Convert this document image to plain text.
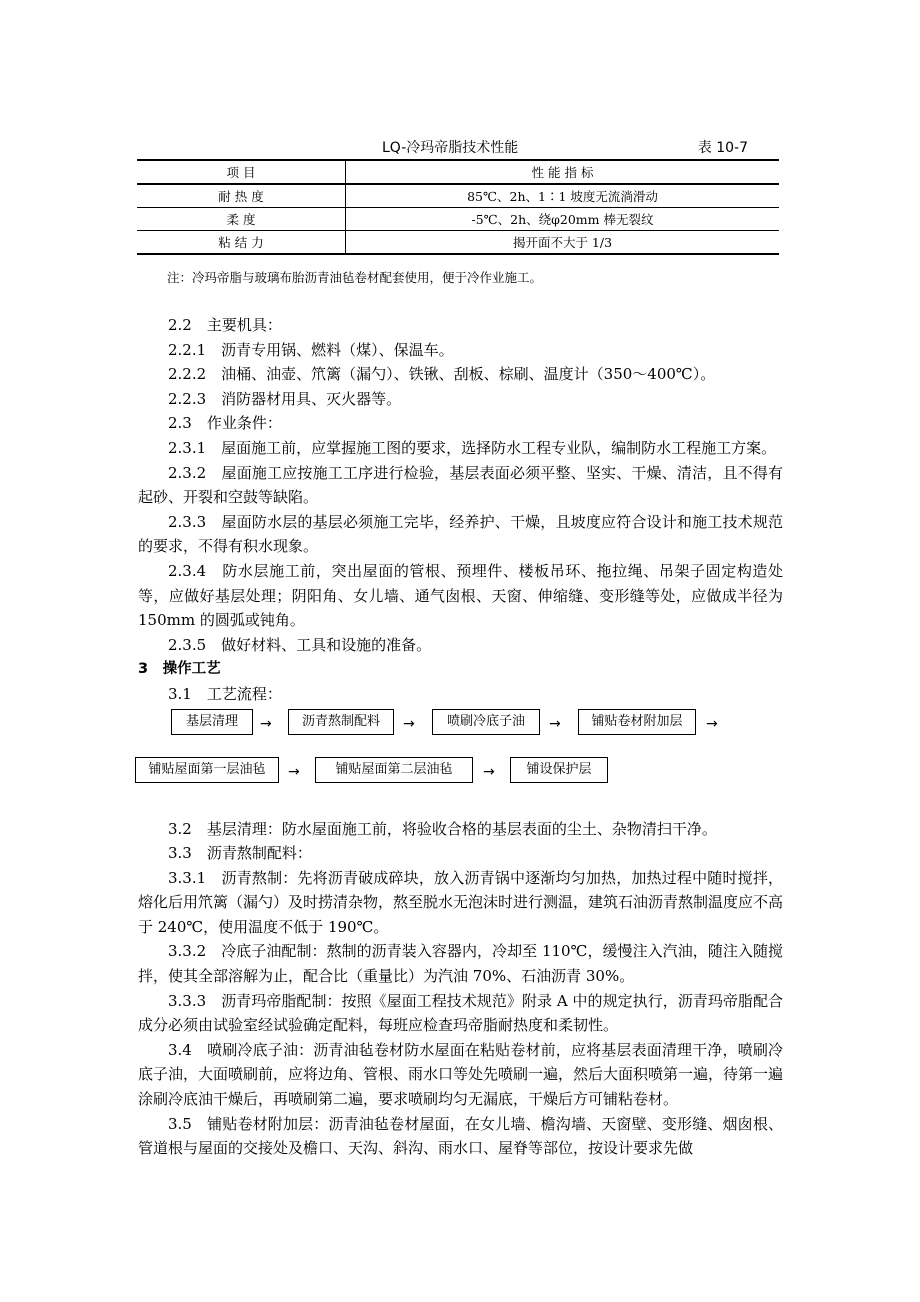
LQ-冷玛帝脂技术性能	表 10-7
项 目	性 能 指 标
耐 热 度	85℃、2h、1∶1 坡度无流淌滑动
柔 度	-5℃、2h、绕φ20mm 棒无裂纹
粘 结 力	揭开面不大于 1/3
注：冷玛帝脂与玻璃布胎沥青油毡卷材配套使用，便于冷作业施工。

2.2　主要机具：

2.2.1　沥青专用锅、燃料（煤）、保温车。

2.2.2　油桶、油壶、笊篱（漏勺）、铁锹、刮板、棕刷、温度计（350～400℃）。

2.2.3　消防器材用具、灭火器等。

2.3　作业条件：

2.3.1　屋面施工前，应掌握施工图的要求，选择防水工程专业队，编制防水工程施工方案。

2.3.2　屋面施工应按施工工序进行检验，基层表面必须平整、坚实、干燥、清洁，且不得有起砂、开裂和空鼓等缺陷。

2.3.3　屋面防水层的基层必须施工完毕，经养护、干燥，且坡度应符合设计和施工技术规范的要求，不得有积水现象。

2.3.4　防水层施工前，突出屋面的管根、预埋件、楼板吊环、拖拉绳、吊架子固定构造处等，应做好基层处理；阴阳角、女儿墙、通气囱根、天窗、伸缩缝、变形缝等处，应做成半径为 150mm 的圆弧或钝角。

2.3.5　做好材料、工具和设施的准备。

3　操作工艺

3.1　工艺流程：

基层清理	→	沥青熬制配料	→	喷刷冷底子油	→	铺贴卷材附加层	→
铺贴屋面第一层油毡	→	铺贴屋面第二层油毡	→	铺设保护层

3.2　基层清理：防水屋面施工前，将验收合格的基层表面的尘土、杂物清扫干净。

3.3　沥青熬制配料：

3.3.1　沥青熬制：先将沥青破成碎块，放入沥青锅中逐渐均匀加热，加热过程中随时搅拌，熔化后用笊篱（漏勺）及时捞清杂物，熬至脱水无泡沫时进行测温，建筑石油沥青熬制温度应不高于 240℃，使用温度不低于 190℃。

3.3.2　冷底子油配制：熬制的沥青装入容器内，冷却至 110℃，缓慢注入汽油，随注入随搅拌，使其全部溶解为止，配合比（重量比）为汽油 70%、石油沥青 30%。

3.3.3　沥青玛帝脂配制：按照《屋面工程技术规范》附录 A 中的规定执行，沥青玛帝脂配合成分必须由试验室经试验确定配料，每班应检查玛帝脂耐热度和柔韧性。

3.4　喷刷冷底子油：沥青油毡卷材防水屋面在粘贴卷材前，应将基层表面清理干净，喷刷冷底子油，大面喷刷前，应将边角、管根、雨水口等处先喷刷一遍，然后大面积喷第一遍，待第一遍涂刷冷底油干燥后，再喷刷第二遍，要求喷刷均匀无漏底，干燥后方可铺粘卷材。

3.5　铺贴卷材附加层：沥青油毡卷材屋面，在女儿墙、檐沟墙、天窗壁、变形缝、烟囱根、管道根与屋面的交接处及檐口、天沟、斜沟、雨水口、屋脊等部位，按设计要求先做
